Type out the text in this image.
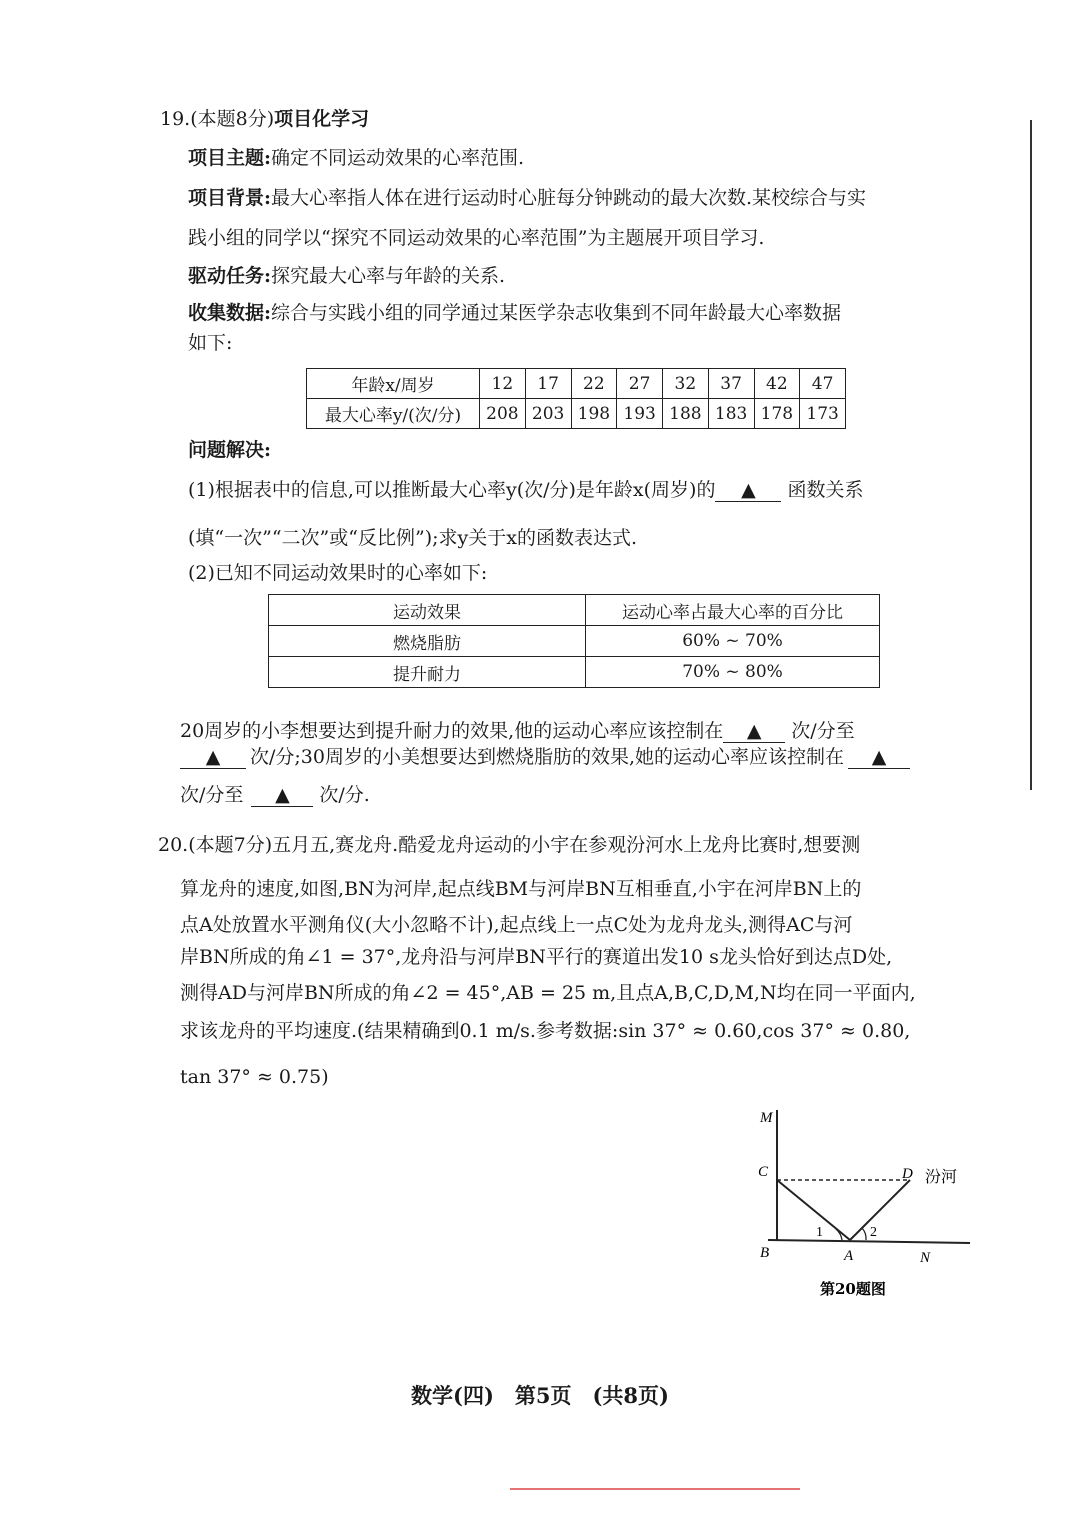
19.(本题8分)项目化学习
项目主题:确定不同运动效果的心率范围.
项目背景:最大心率指人体在进行运动时心脏每分钟跳动的最大次数.某校综合与实
践小组的同学以“探究不同运动效果的心率范围”为主题展开项目学习.
驱动任务:探究最大心率与年龄的关系.
收集数据:综合与实践小组的同学通过某医学杂志收集到不同年龄最大心率数据
如下:
年龄x/周岁	12	17	22	27	32	37	42	47
最大心率y/(次/分)	208	203	198	193	188	183	178	173
问题解决:
(1)根据表中的信息,可以推断最大心率y(次/分)是年龄x(周岁)的 ▲ 函数关系
(填“一次”“二次”或“反比例”);求y关于x的函数表达式.
(2)已知不同运动效果时的心率如下:
运动效果	运动心率占最大心率的百分比
燃烧脂肪	60% ~ 70%
提升耐力	70% ~ 80%
20周岁的小李想要达到提升耐力的效果,他的运动心率应该控制在 ▲ 次/分至
▲ 次/分;30周岁的小美想要达到燃烧脂肪的效果,她的运动心率应该控制在 ▲
次/分至 ▲ 次/分.
20.(本题7分)五月五,赛龙舟.酷爱龙舟运动的小宇在参观汾河水上龙舟比赛时,想要测
算龙舟的速度,如图,BN为河岸,起点线BM与河岸BN互相垂直,小宇在河岸BN上的
点A处放置水平测角仪(大小忽略不计),起点线上一点C处为龙舟龙头,测得AC与河
岸BN所成的角∠1 = 37°,龙舟沿与河岸BN平行的赛道出发10 s龙头恰好到达点D处,
测得AD与河岸BN所成的角∠2 = 45°,AB = 25 m,且点A,B,C,D,M,N均在同一平面内,
求该龙舟的平均速度.(结果精确到0.1 m/s.参考数据:sin 37° ≈ 0.60,cos 37° ≈ 0.80,
tan 37° ≈ 0.75)
M
C	D 汾河
B	A	N
1	2
第20题图
数学(四)　第5页　(共8页)
